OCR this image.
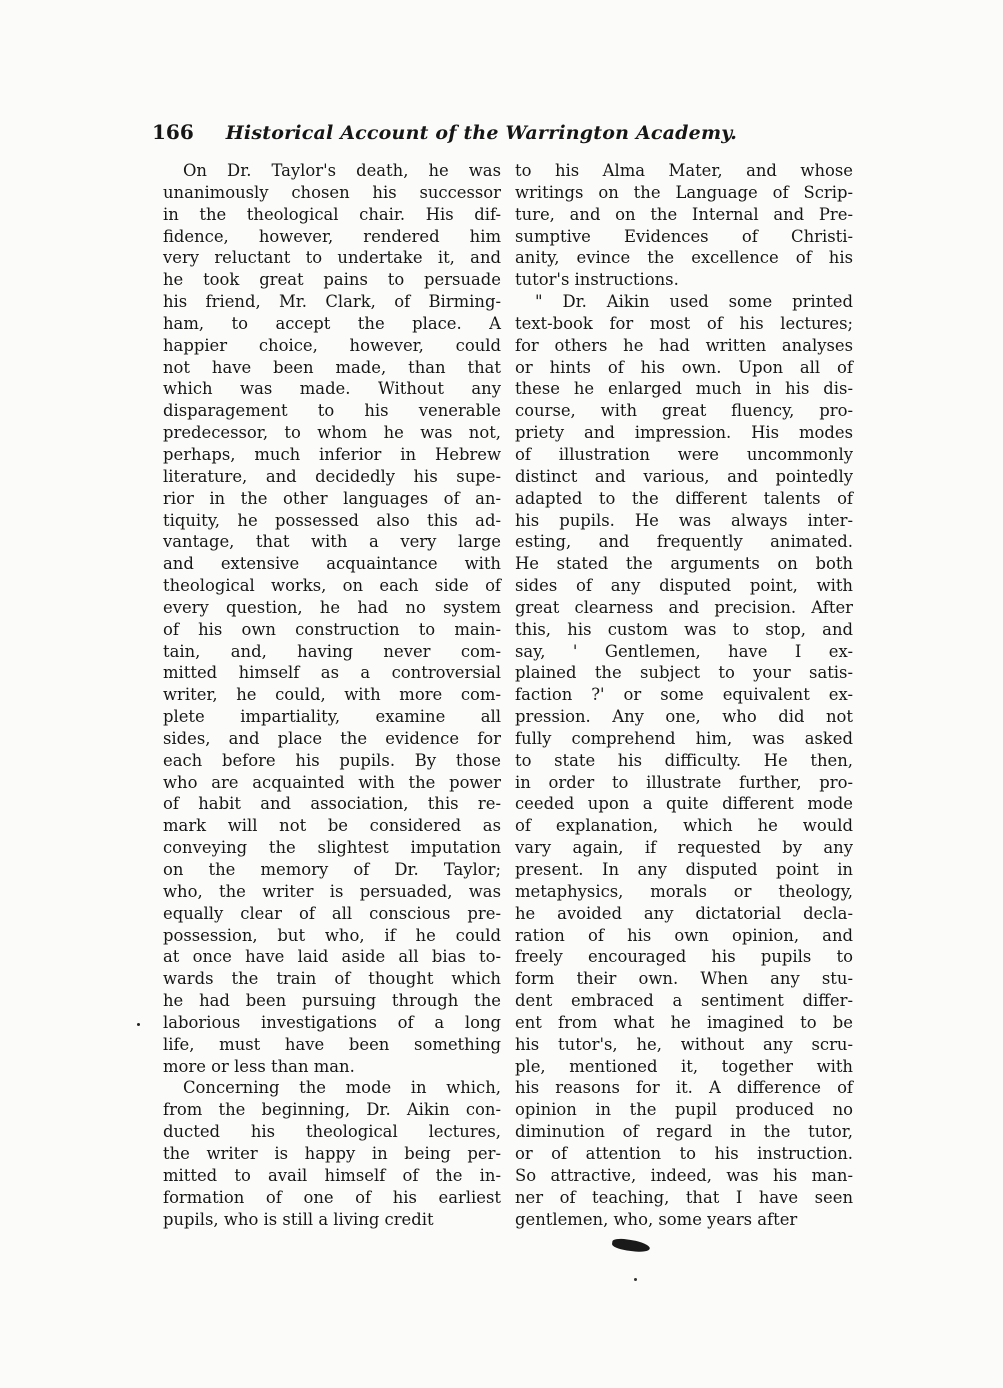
166 Historical Account of the Warrington Academy.
On Dr. Taylor's death, he was
unanimously chosen his successor
in the theological chair. His dif-
fidence, however, rendered him
very reluctant to undertake it, and
he took great pains to persuade
his friend, Mr. Clark, of Birming-
ham, to accept the place. A
happier choice, however, could
not have been made, than that
which was made. Without any
disparagement to his venerable
predecessor, to whom he was not,
perhaps, much inferior in Hebrew
literature, and decidedly his supe-
rior in the other languages of an-
tiquity, he possessed also this ad-
vantage, that with a very large
and extensive acquaintance with
theological works, on each side of
every question, he had no system
of his own construction to main-
tain, and, having never com-
mitted himself as a controversial
writer, he could, with more com-
plete impartiality, examine all
sides, and place the evidence for
each before his pupils. By those
who are acquainted with the power
of habit and association, this re-
mark will not be considered as
conveying the slightest imputation
on the memory of Dr. Taylor;
who, the writer is persuaded, was
equally clear of all conscious pre-
possession, but who, if he could
at once have laid aside all bias to-
wards the train of thought which
he had been pursuing through the
laborious investigations of a long
life, must have been something
more or less than man.
Concerning the mode in which,
from the beginning, Dr. Aikin con-
ducted his theological lectures,
the writer is happy in being per-
mitted to avail himself of the in-
formation of one of his earliest
pupils, who is still a living credit
to his Alma Mater, and whose
writings on the Language of Scrip-
ture, and on the Internal and Pre-
sumptive Evidences of Christi-
anity, evince the excellence of his
tutor's instructions.
" Dr. Aikin used some printed
text-book for most of his lectures;
for others he had written analyses
or hints of his own. Upon all of
these he enlarged much in his dis-
course, with great fluency, pro-
priety and impression. His modes
of illustration were uncommonly
distinct and various, and pointedly
adapted to the different talents of
his pupils. He was always inter-
esting, and frequently animated.
He stated the arguments on both
sides of any disputed point, with
great clearness and precision. After
this, his custom was to stop, and
say, ' Gentlemen, have I ex-
plained the subject to your satis-
faction ?' or some equivalent ex-
pression. Any one, who did not
fully comprehend him, was asked
to state his difficulty. He then,
in order to illustrate further, pro-
ceeded upon a quite different mode
of explanation, which he would
vary again, if requested by any
present. In any disputed point in
metaphysics, morals or theology,
he avoided any dictatorial decla-
ration of his own opinion, and
freely encouraged his pupils to
form their own. When any stu-
dent embraced a sentiment differ-
ent from what he imagined to be
his tutor's, he, without any scru-
ple, mentioned it, together with
his reasons for it. A difference of
opinion in the pupil produced no
diminution of regard in the tutor,
or of attention to his instruction.
So attractive, indeed, was his man-
ner of teaching, that I have seen
gentlemen, who, some years after
